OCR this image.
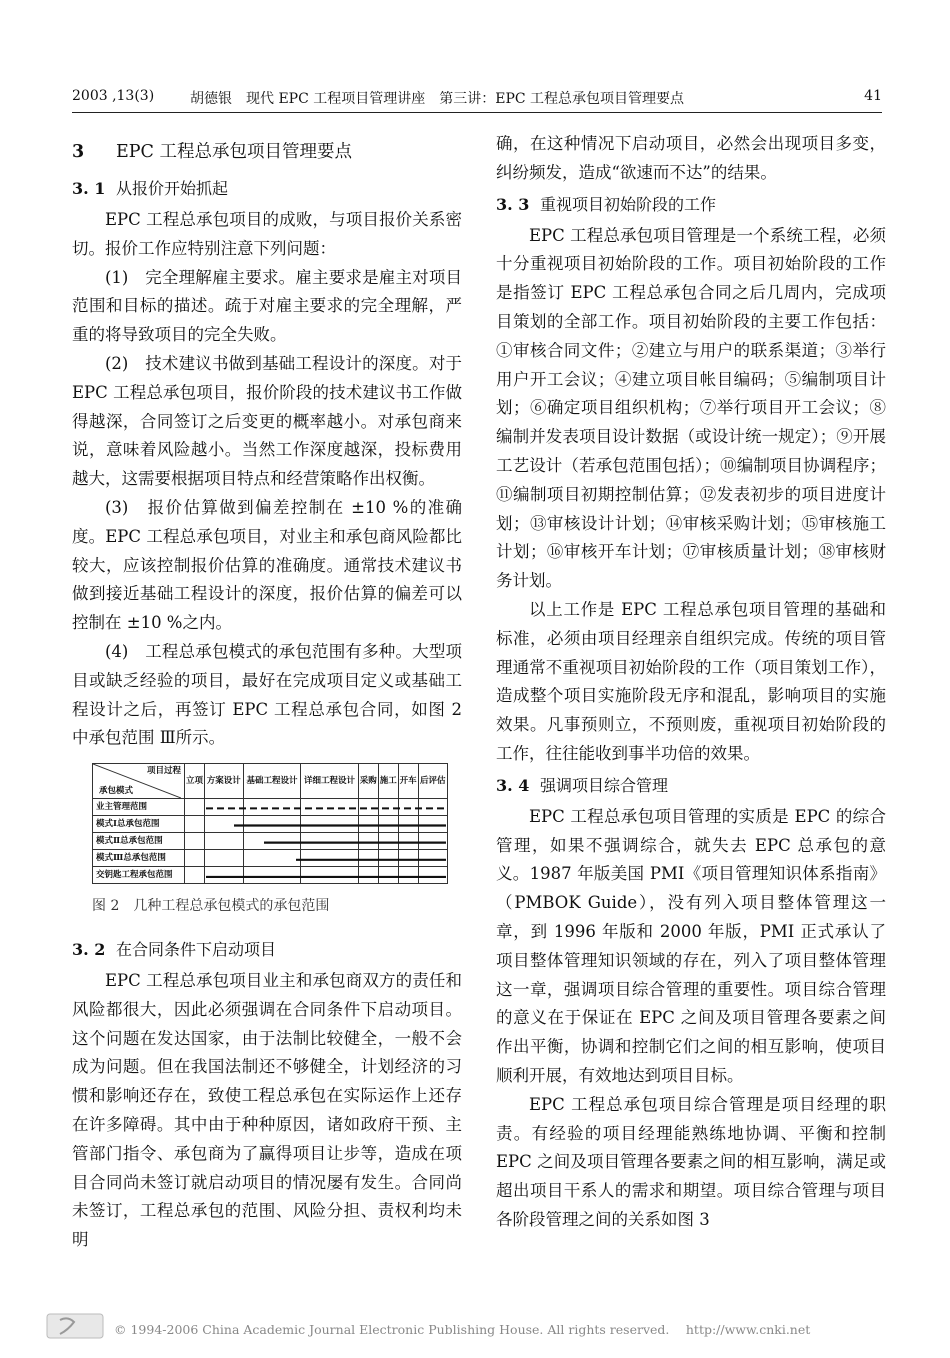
2003 ,13(3)	胡德银　现代 EPC 工程项目管理讲座　第三讲：EPC 工程总承包项目管理要点	41

3 EPC 工程总承包项目管理要点

3. 1 从报价开始抓起

EPC 工程总承包项目的成败，与项目报价关系密切。报价工作应特别注意下列问题：

(1)　完全理解雇主要求。雇主要求是雇主对项目范围和目标的描述。疏于对雇主要求的完全理解，严重的将导致项目的完全失败。

(2)　技术建议书做到基础工程设计的深度。对于 EPC 工程总承包项目，报价阶段的技术建议书工作做得越深，合同签订之后变更的概率越小。对承包商来说，意味着风险越小。当然工作深度越深，投标费用越大，这需要根据项目特点和经营策略作出权衡。

(3)　报价估算做到偏差控制在 ±10 %的准确度。EPC 工程总承包项目，对业主和承包商风险都比较大，应该控制报价估算的准确度。通常技术建议书做到接近基础工程设计的深度，报价估算的偏差可以控制在 ±10 %之内。

(4)　工程总承包模式的承包范围有多种。大型项目或缺乏经验的项目，最好在完成项目定义或基础工程设计之后，再签订 EPC 工程总承包合同，如图 2 中承包范围 Ⅲ所示。

项目过程
承包模式	立项	方案设计	基础工程设计	详细工程设计	采购	施工	开车	后评估
业主管理范围								
模式Ⅰ总承包范围								
模式Ⅱ总承包范围								
模式Ⅲ总承包范围								
交钥匙工程承包范围								

图 2　几种工程总承包模式的承包范围

3. 2 在合同条件下启动项目

EPC 工程总承包项目业主和承包商双方的责任和风险都很大，因此必须强调在合同条件下启动项目。这个问题在发达国家，由于法制比较健全，一般不会成为问题。但在我国法制还不够健全，计划经济的习惯和影响还存在，致使工程总承包在实际运作上还存在许多障碍。其中由于种种原因，诸如政府干预、主管部门指令、承包商为了赢得项目让步等，造成在项目合同尚未签订就启动项目的情况屡有发生。合同尚未签订，工程总承包的范围、风险分担、责权利均未明

确，在这种情况下启动项目，必然会出现项目多变，纠纷频发，造成“欲速而不达”的结果。

3. 3 重视项目初始阶段的工作

EPC 工程总承包项目管理是一个系统工程，必须十分重视项目初始阶段的工作。项目初始阶段的工作是指签订 EPC 工程总承包合同之后几周内，完成项目策划的全部工作。项目初始阶段的主要工作包括：①审核合同文件；②建立与用户的联系渠道；③举行用户开工会议；④建立项目帐目编码；⑤编制项目计划；⑥确定项目组织机构；⑦举行项目开工会议；⑧编制并发表项目设计数据（或设计统一规定）；⑨开展工艺设计（若承包范围包括）；⑩编制项目协调程序；⑪编制项目初期控制估算；⑫发表初步的项目进度计划；⑬审核设计计划；⑭审核采购计划；⑮审核施工计划；⑯审核开车计划；⑰审核质量计划；⑱审核财务计划。

以上工作是 EPC 工程总承包项目管理的基础和标准，必须由项目经理亲自组织完成。传统的项目管理通常不重视项目初始阶段的工作（项目策划工作），造成整个项目实施阶段无序和混乱，影响项目的实施效果。凡事预则立，不预则废，重视项目初始阶段的工作，往往能收到事半功倍的效果。

3. 4 强调项目综合管理

EPC 工程总承包项目管理的实质是 EPC 的综合管理，如果不强调综合，就失去 EPC 总承包的意义。1987 年版美国 PMI《项目管理知识体系指南》（PMBOK Guide），没有列入项目整体管理这一章，到 1996 年版和 2000 年版，PMI 正式承认了项目整体管理知识领域的存在，列入了项目整体管理这一章，强调项目综合管理的重要性。项目综合管理的意义在于保证在 EPC 之间及项目管理各要素之间作出平衡，协调和控制它们之间的相互影响，使项目顺利开展，有效地达到项目目标。

EPC 工程总承包项目综合管理是项目经理的职责。有经验的项目经理能熟练地协调、平衡和控制 EPC 之间及项目管理各要素之间的相互影响，满足或超出项目干系人的需求和期望。项目综合管理与项目各阶段管理之间的关系如图 3

© 1994-2006 China Academic Journal Electronic Publishing House. All rights reserved.　 http://www.cnki.net
